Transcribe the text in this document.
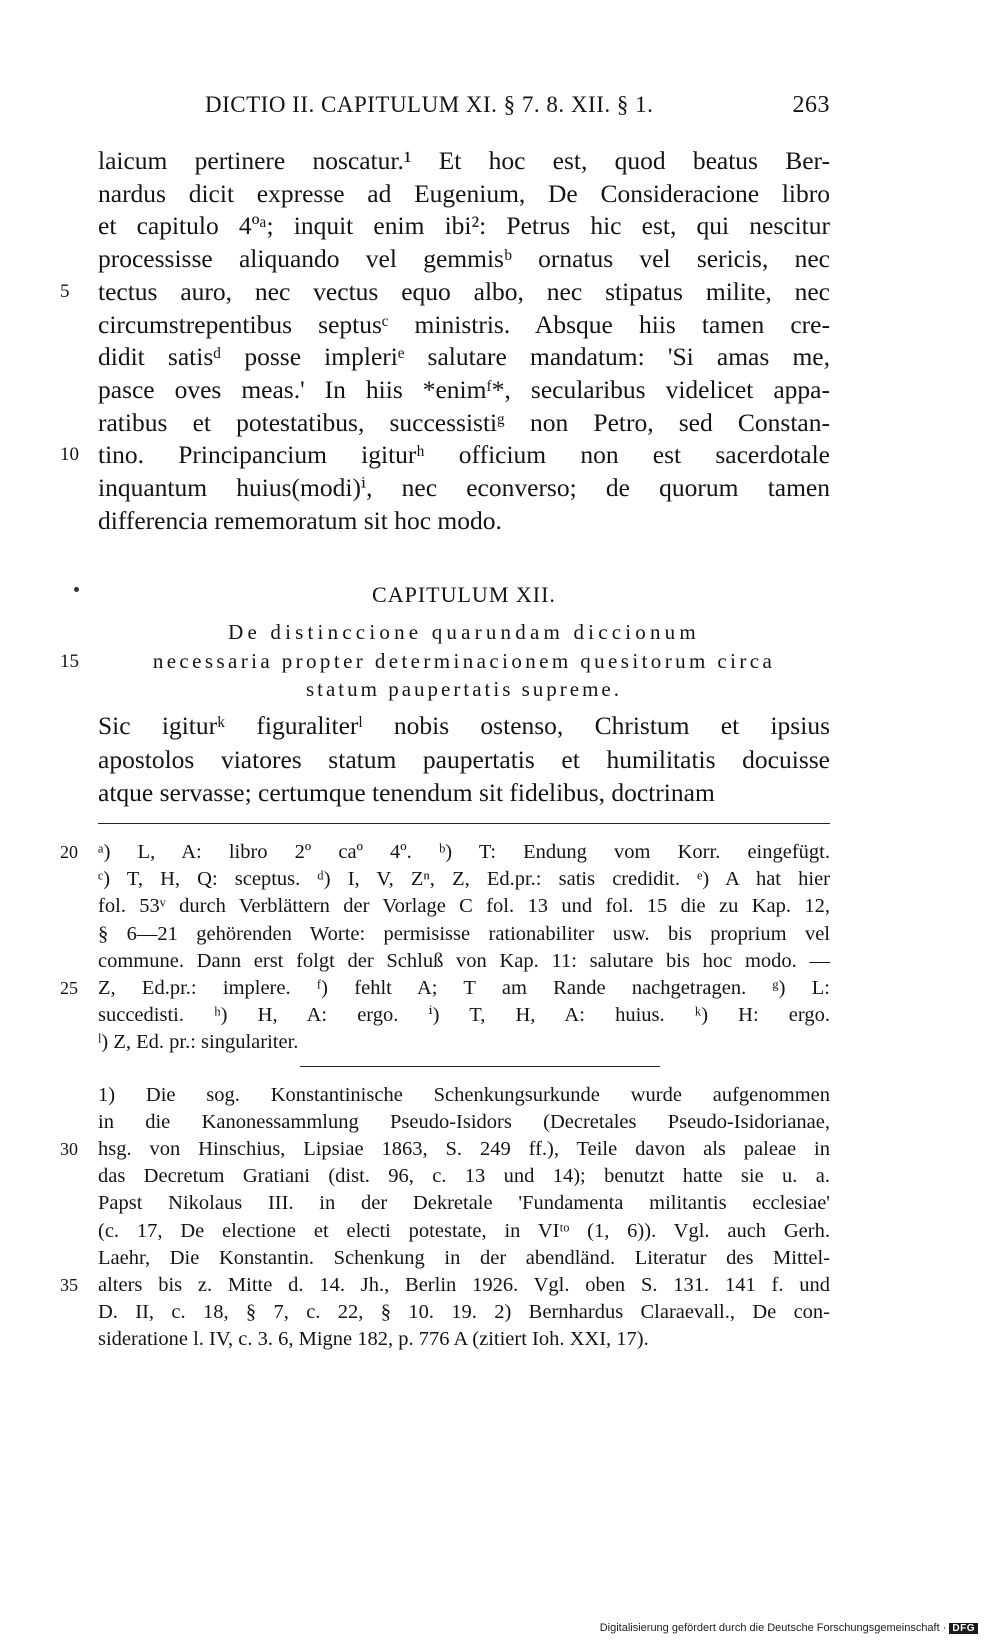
DICTIO II. CAPITULUM XI. § 7. 8. XII. § 1.	263
laicum pertinere noscatur.¹ Et hoc est, quod beatus Ber-
nardus dicit expresse ad Eugenium, De Consideracione libro
et capitulo 4ºᵃ; inquit enim ibi²: Petrus hic est, qui nescitur
processisse aliquando vel gemmisᵇ ornatus vel sericis, nec
tectus auro, nec vectus equo albo, nec stipatus milite, nec
5
circumstrepentibus septusᶜ ministris. Absque hiis tamen cre-
didit satisᵈ posse impleriᵉ salutare mandatum: 'Si amas me,
pasce oves meas.' In hiis *enimᶠ*, secularibus videlicet appa-
ratibus et potestatibus, successistiᵍ non Petro, sed Constan-
tino. Principancium igiturʰ officium non est sacerdotale
10
inquantum huius(modi)ⁱ, nec econverso; de quorum tamen
differencia rememoratum sit hoc modo.
CAPITULUM XII.
De distinccione quarundam diccionum
necessaria propter determinacionem quesitorum circa
15
statum paupertatis supreme.
Sic igiturᵏ figuraliterˡ nobis ostenso, Christum et ipsius
apostolos viatores statum paupertatis et humilitatis docuisse
atque servasse; certumque tenendum sit fidelibus, doctrinam
ᵃ) L, A: libro 2º caº 4º. ᵇ) T: Endung vom Korr. eingefügt.
20
ᶜ) T, H, Q: sceptus. ᵈ) I, V, Zⁿ, Z, Ed.pr.: satis credidit. ᵉ) A hat hier
fol. 53ᵛ durch Verblättern der Vorlage C fol. 13 und fol. 15 die zu Kap. 12,
§ 6—21 gehörenden Worte: permisisse rationabiliter usw. bis proprium vel
commune. Dann erst folgt der Schluß von Kap. 11: salutare bis hoc modo. —
Z, Ed.pr.: implere. ᶠ) fehlt A; T am Rande nachgetragen. ᵍ) L:
25
succedisti. ʰ) H, A: ergo. ⁱ) T, H, A: huius. ᵏ) H: ergo.
ˡ) Z, Ed. pr.: singulariter.
1) Die sog. Konstantinische Schenkungsurkunde wurde aufgenommen
in die Kanonessammlung Pseudo-Isidors (Decretales Pseudo-Isidorianae,
hsg. von Hinschius, Lipsiae 1863, S. 249 ff.), Teile davon als paleae in
30
das Decretum Gratiani (dist. 96, c. 13 und 14); benutzt hatte sie u. a.
Papst Nikolaus III. in der Dekretale 'Fundamenta militantis ecclesiae'
(c. 17, De electione et electi potestate, in VIᵗᵒ (1, 6)). Vgl. auch Gerh.
Laehr, Die Konstantin. Schenkung in der abendländ. Literatur des Mittel-
alters bis z. Mitte d. 14. Jh., Berlin 1926. Vgl. oben S. 131. 141 f. und
35
D. II, c. 18, § 7, c. 22, § 10. 19. 2) Bernhardus Claraevall., De con-
sideratione l. IV, c. 3. 6, Migne 182, p. 776 A (zitiert Ioh. XXI, 17).
Digitalisierung gefördert durch die Deutsche Forschungsgemeinschaft · DFG
